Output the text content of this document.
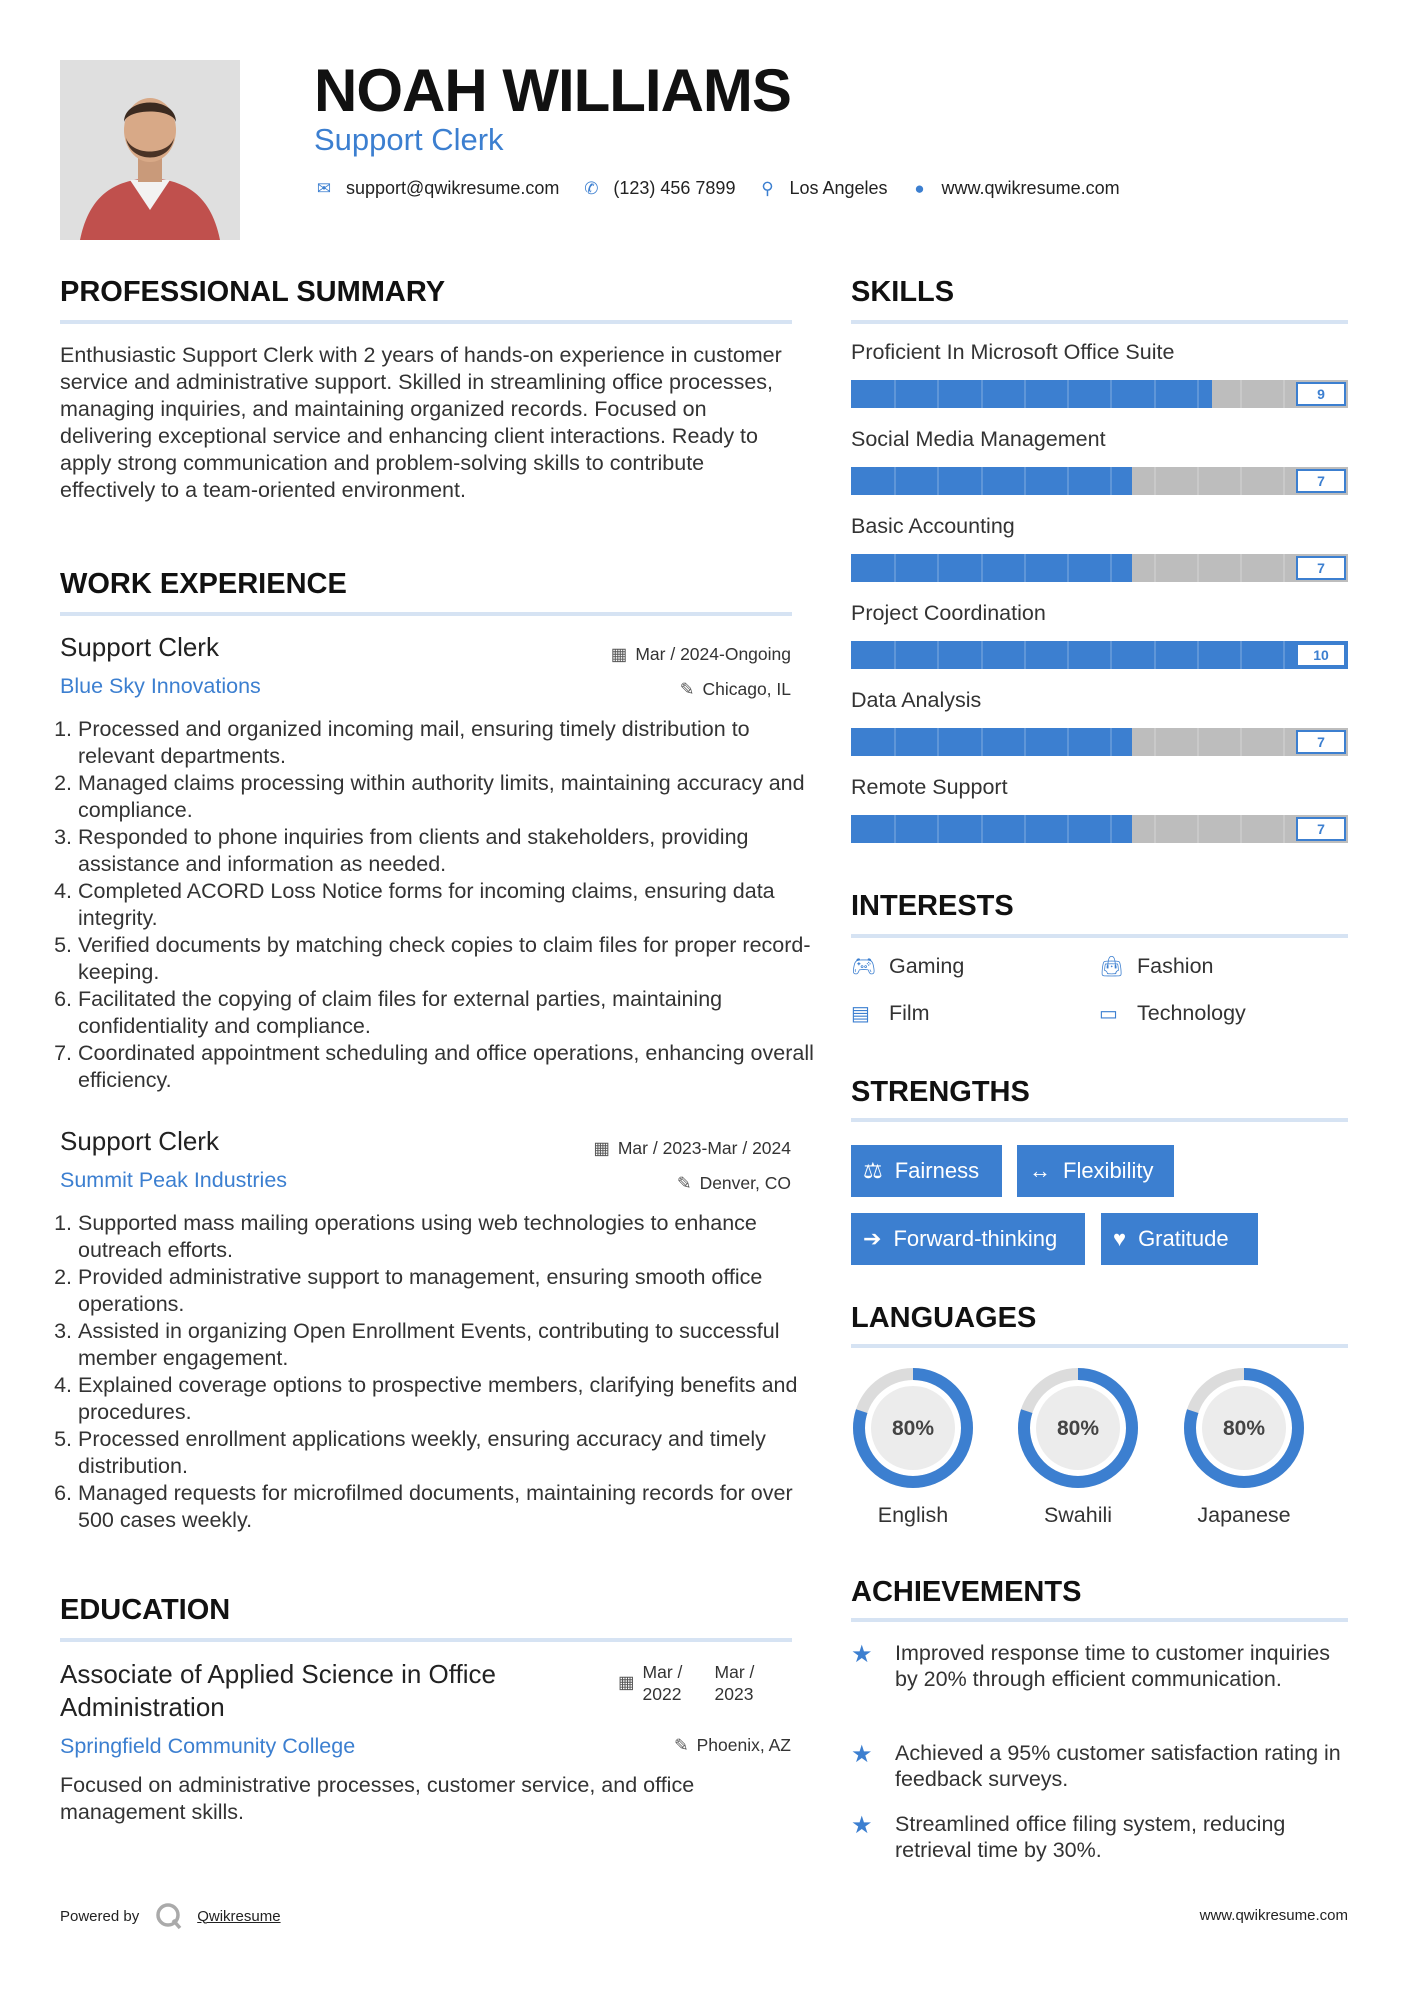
NOAH WILLIAMS
Support Clerk
✉ support@qwikresume.com ✆ (123) 456 7899 ⚲ Los Angeles ● www.qwikresume.com
PROFESSIONAL SUMMARY
Enthusiastic Support Clerk with 2 years of hands-on experience in customer service and administrative support. Skilled in streamlining office processes, managing inquiries, and maintaining organized records. Focused on delivering exceptional service and enhancing client interactions. Ready to apply strong communication and problem-solving skills to contribute effectively to a team-oriented environment.
WORK EXPERIENCE
Support Clerk	▦ Mar / 2024-Ongoing
Blue Sky Innovations	✎ Chicago, IL
1. Processed and organized incoming mail, ensuring timely distribution to relevant departments.
2. Managed claims processing within authority limits, maintaining accuracy and compliance.
3. Responded to phone inquiries from clients and stakeholders, providing assistance and information as needed.
4. Completed ACORD Loss Notice forms for incoming claims, ensuring data integrity.
5. Verified documents by matching check copies to claim files for proper record-keeping.
6. Facilitated the copying of claim files for external parties, maintaining confidentiality and compliance.
7. Coordinated appointment scheduling and office operations, enhancing overall efficiency.
Support Clerk	▦ Mar / 2023-Mar / 2024
Summit Peak Industries	✎ Denver, CO
1. Supported mass mailing operations using web technologies to enhance outreach efforts.
2. Provided administrative support to management, ensuring smooth office operations.
3. Assisted in organizing Open Enrollment Events, contributing to successful member engagement.
4. Explained coverage options to prospective members, clarifying benefits and procedures.
5. Processed enrollment applications weekly, ensuring accuracy and timely distribution.
6. Managed requests for microfilmed documents, maintaining records for over 500 cases weekly.
EDUCATION
Associate of Applied Science in Office Administration
▦ Mar / 2022
Mar / 2023
Springfield Community College	✎ Phoenix, AZ
Focused on administrative processes, customer service, and office management skills.
SKILLS
Proficient In Microsoft Office Suite
9
Social Media Management
7
Basic Accounting
7
Project Coordination
10
Data Analysis
7
Remote Support
7
INTERESTS
🎮︎ Gaming	👜︎ Fashion
▤ Film	▭ Technology
STRENGTHS
⚖ Fairness ↔ Flexibility
➔ Forward-thinking	♥ Gratitude
LANGUAGES
80%
English
80%
Swahili
80%
Japanese
ACHIEVEMENTS
★	Improved response time to customer inquiries by 20% through efficient communication.
★	Achieved a 95% customer satisfaction rating in feedback surveys.
★	Streamlined office filing system, reducing retrieval time by 30%.
Powered by	Qwikresume	www.qwikresume.com
